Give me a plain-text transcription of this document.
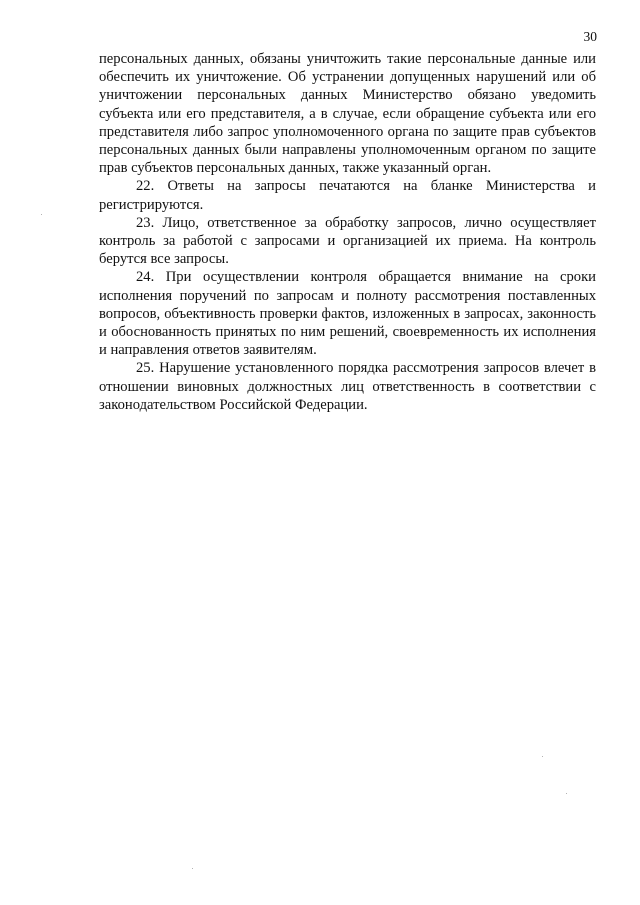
30

персональных данных, обязаны уничтожить такие персональные данные или обеспечить их уничтожение. Об устранении допущенных нарушений или об уничтожении персональных данных Министерство обязано уведомить субъекта или его представителя, а в случае, если обращение субъекта или его представителя либо запрос уполномоченного органа по защите прав субъектов персональных данных были направлены уполномоченным органом по защите прав субъектов персональных данных, также указанный орган.

22. Ответы на запросы печатаются на бланке Министерства и регистрируются.

23. Лицо, ответственное за обработку запросов, лично осуществляет контроль за работой с запросами и организацией их приема. На контроль берутся все запросы.

24. При осуществлении контроля обращается внимание на сроки исполнения поручений по запросам и полноту рассмотрения поставленных вопросов, объективность проверки фактов, изложенных в запросах, законность и обоснованность принятых по ним решений, своевременность их исполнения и направления ответов заявителям.

25. Нарушение установленного порядка рассмотрения запросов влечет в отношении виновных должностных лиц ответственность в соответствии с законодательством Российской Федерации.
